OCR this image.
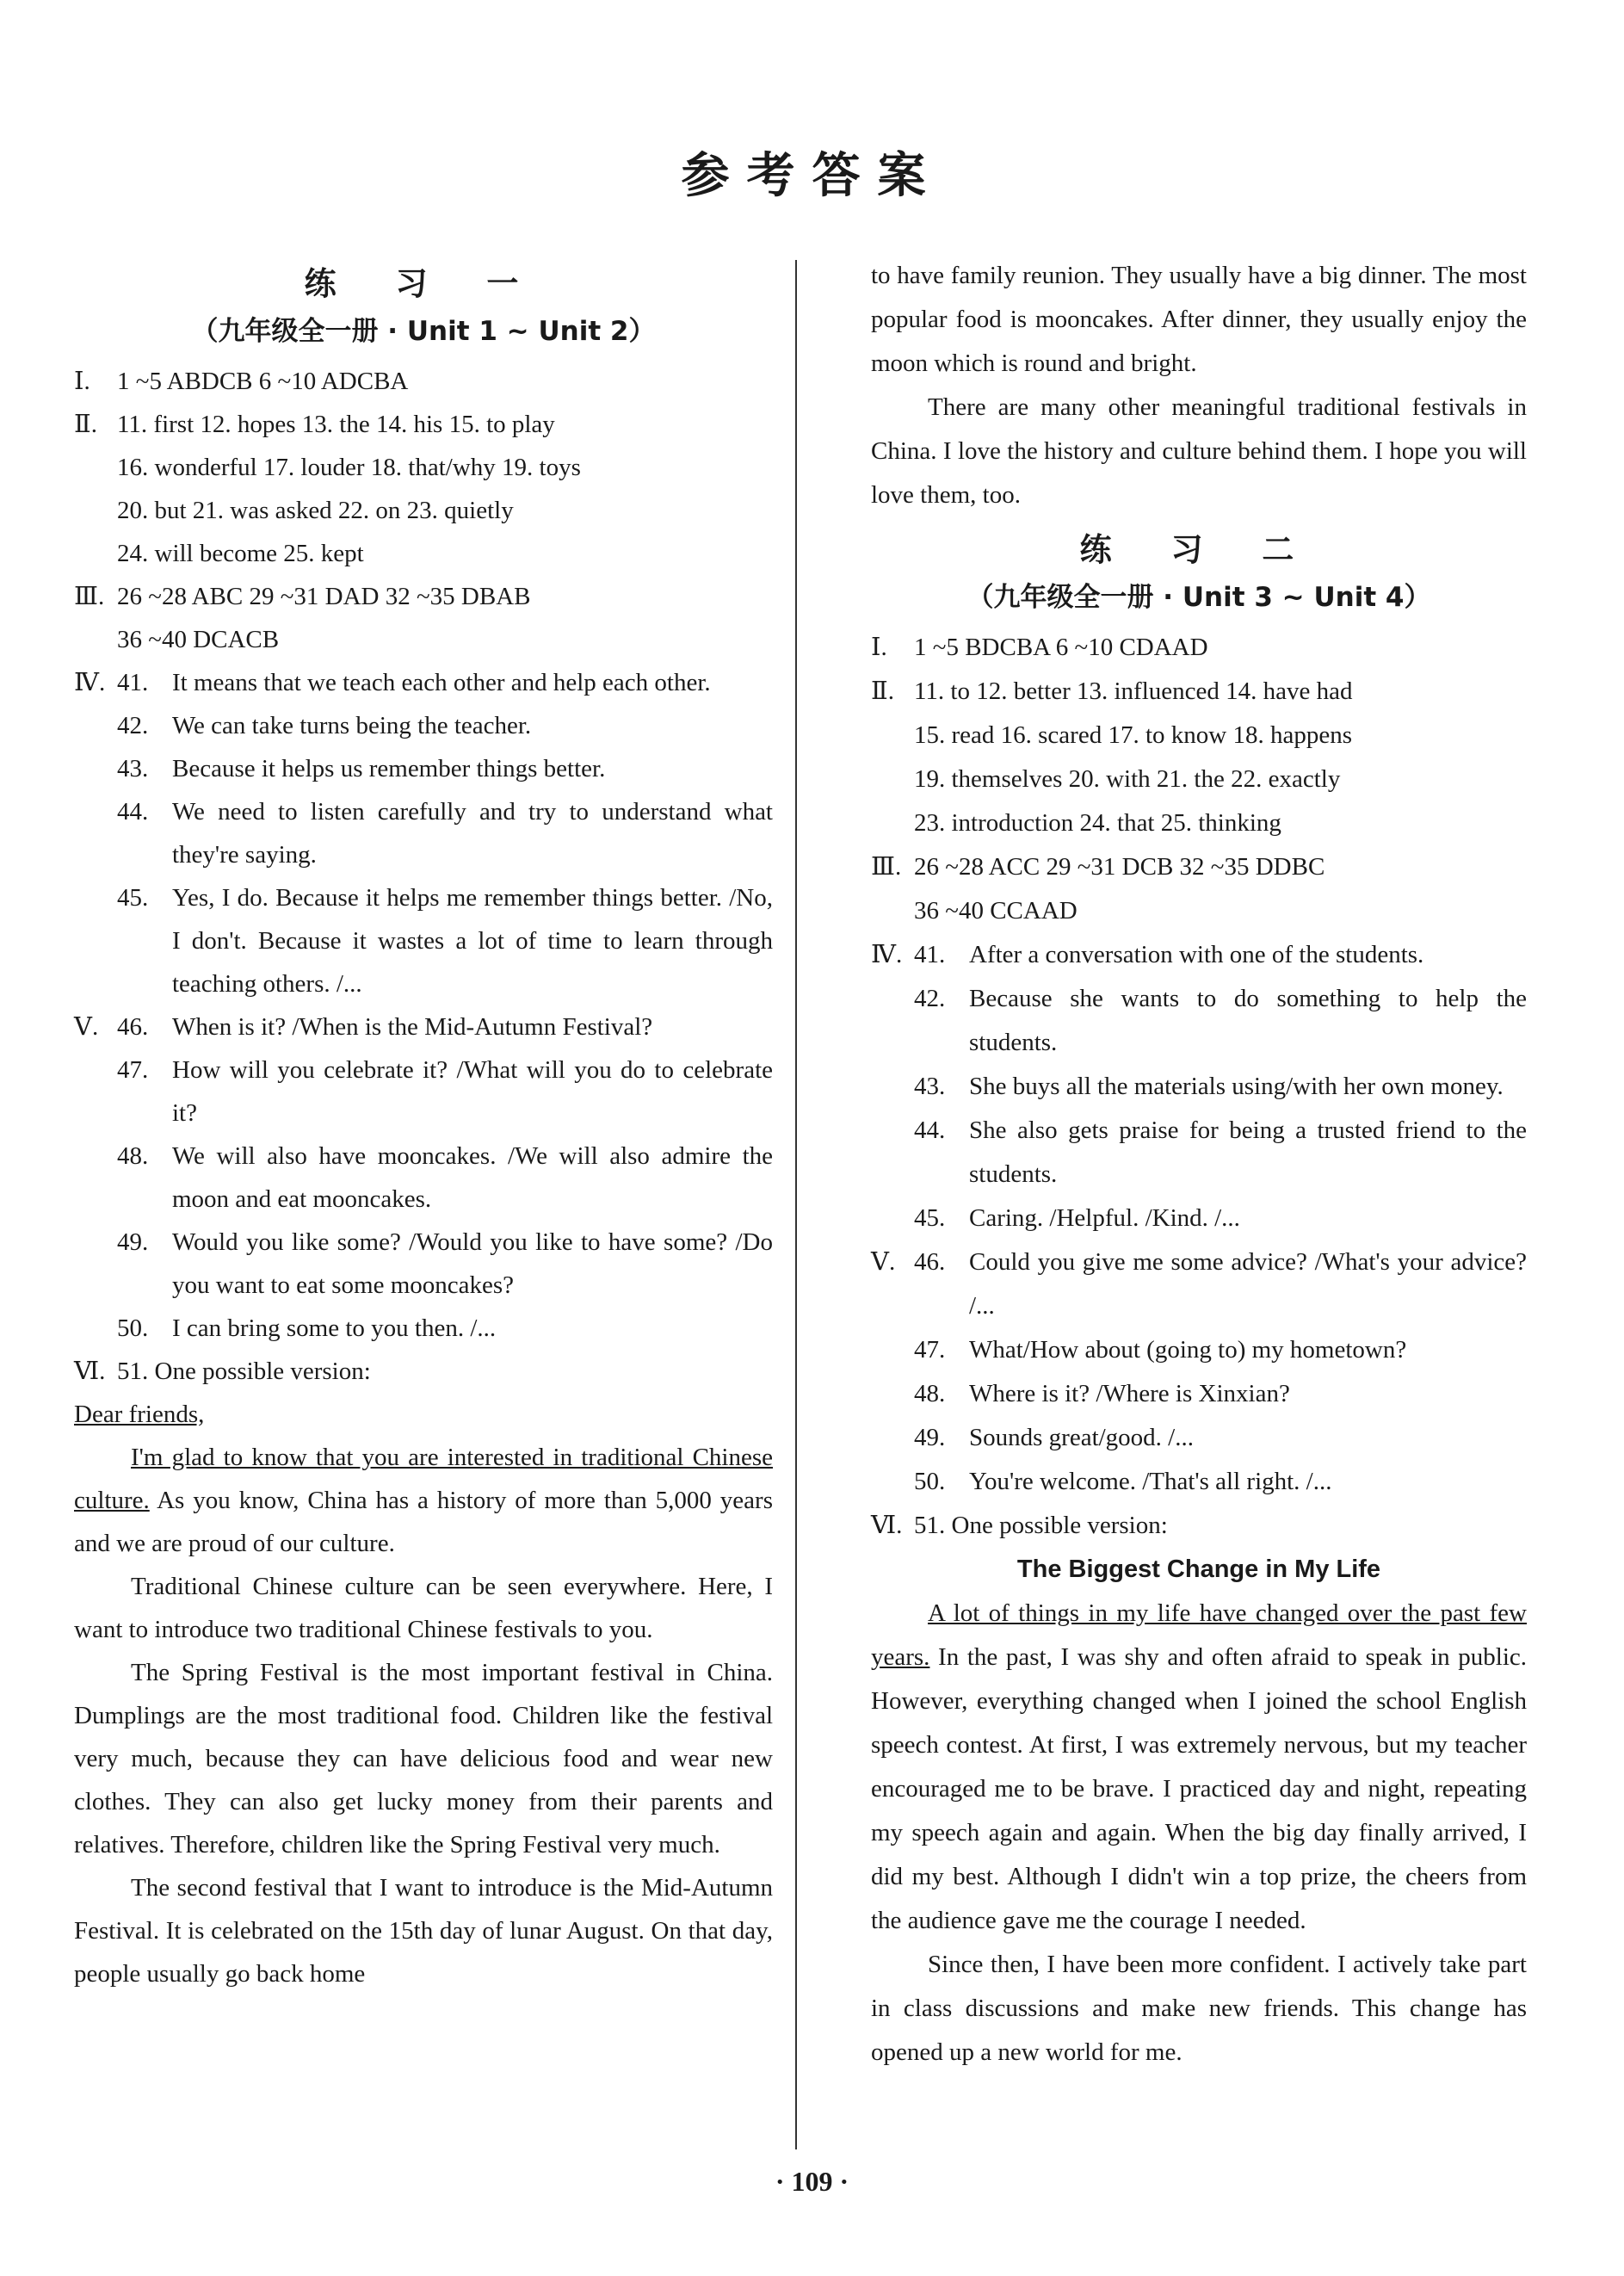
参考答案
练 习 一
（九年级全一册 · Unit 1 ~ Unit 2）
Ⅰ.	1 ~5 ABDCB 6 ~10 ADCBA
Ⅱ. 11. first 12. hopes 13. the 14. his 15. to play
16. wonderful 17. louder 18. that/why 19. toys
20. but 21. was asked 22. on 23. quietly
24. will become 25. kept
Ⅲ. 26 ~28 ABC 29 ~31 DAD 32 ~35 DBAB
36 ~40 DCACB
Ⅳ. 41. It means that we teach each other and help each other.
42. We can take turns being the teacher.
43. Because it helps us remember things better.
44. We need to listen carefully and try to understand what they're saying.
45. Yes, I do. Because it helps me remember things better. /No, I don't. Because it wastes a lot of time to learn through teaching others. /...
Ⅴ. 46. When is it? /When is the Mid-Autumn Festival?
47. How will you celebrate it? /What will you do to celebrate it?
48. We will also have mooncakes. /We will also admire the moon and eat mooncakes.
49. Would you like some? /Would you like to have some? /Do you want to eat some mooncakes?
50. I can bring some to you then. /...
Ⅵ. 51. One possible version:
Dear friends,
I'm glad to know that you are interested in traditional Chinese culture. As you know, China has a history of more than 5,000 years and we are proud of our culture.
Traditional Chinese culture can be seen everywhere. Here, I want to introduce two traditional Chinese festivals to you.
The Spring Festival is the most important festival in China. Dumplings are the most traditional food. Children like the festival very much, because they can have delicious food and wear new clothes. They can also get lucky money from their parents and relatives. Therefore, children like the Spring Festival very much.
The second festival that I want to introduce is the Mid-Autumn Festival. It is celebrated on the 15th day of lunar August. On that day, people usually go back home
to have family reunion. They usually have a big dinner. The most popular food is mooncakes. After dinner, they usually enjoy the moon which is round and bright.
There are many other meaningful traditional festivals in China. I love the history and culture behind them. I hope you will love them, too.
练 习 二
（九年级全一册 · Unit 3 ~ Unit 4）
Ⅰ.	1 ~5 BDCBA 6 ~10 CDAAD
Ⅱ. 11. to 12. better 13. influenced 14. have had
15. read 16. scared 17. to know 18. happens
19. themselves 20. with 21. the 22. exactly
23. introduction 24. that 25. thinking
Ⅲ. 26 ~28 ACC 29 ~31 DCB 32 ~35 DDBC
36 ~40 CCAAD
Ⅳ. 41. After a conversation with one of the students.
42. Because she wants to do something to help the students.
43. She buys all the materials using/with her own money.
44. She also gets praise for being a trusted friend to the students.
45. Caring. /Helpful. /Kind. /...
Ⅴ. 46. Could you give me some advice? /What's your advice? /...
47. What/How about (going to) my hometown?
48. Where is it? /Where is Xinxian?
49. Sounds great/good. /...
50. You're welcome. /That's all right. /...
Ⅵ. 51. One possible version:
The Biggest Change in My Life
A lot of things in my life have changed over the past few years. In the past, I was shy and often afraid to speak in public. However, everything changed when I joined the school English speech contest. At first, I was extremely nervous, but my teacher encouraged me to be brave. I practiced day and night, repeating my speech again and again. When the big day finally arrived, I did my best. Although I didn't win a top prize, the cheers from the audience gave me the courage I needed.
Since then, I have been more confident. I actively take part in class discussions and make new friends. This change has opened up a new world for me.
· 109 ·
